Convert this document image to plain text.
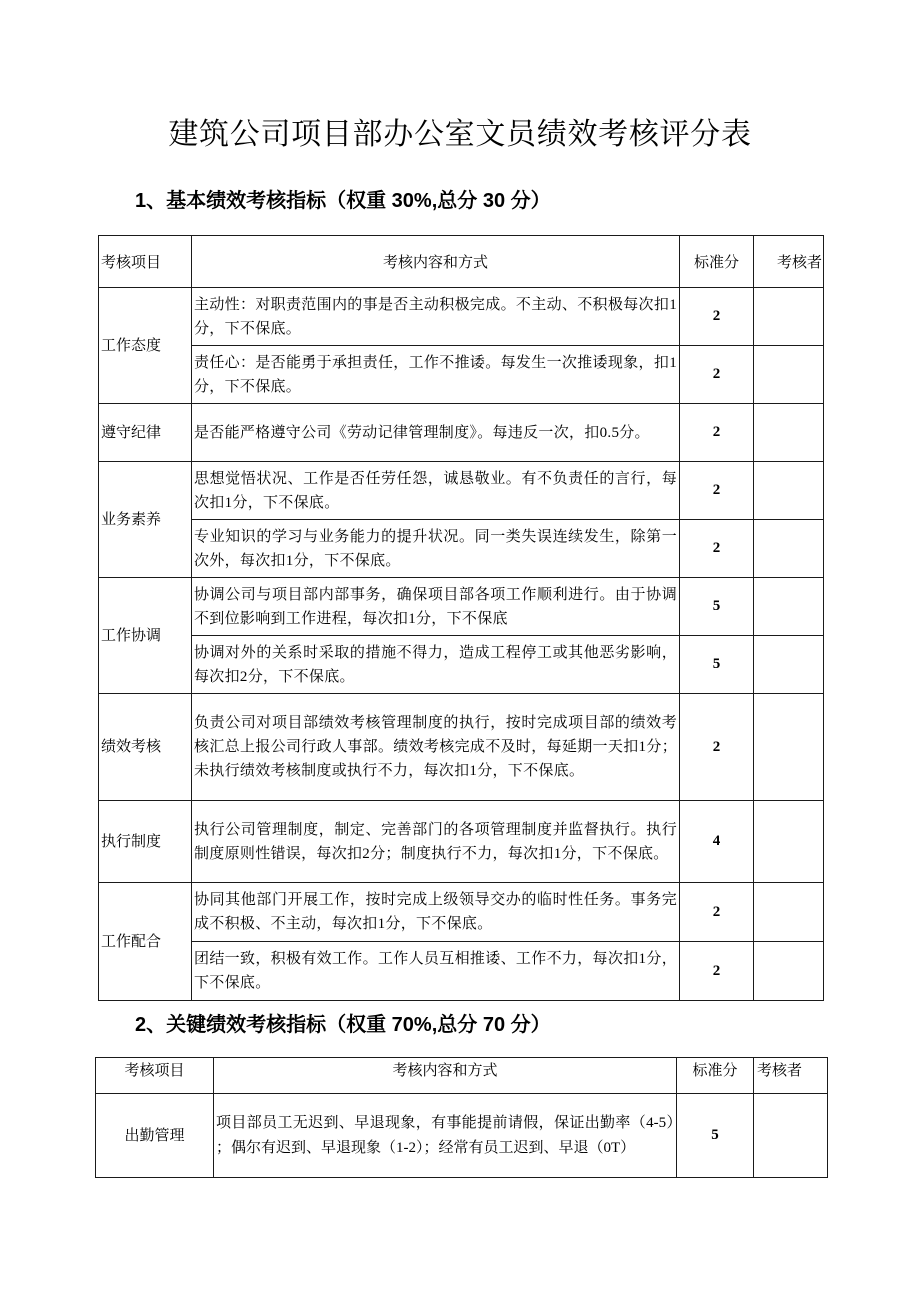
建筑公司项目部办公室文员绩效考核评分表
1、基本绩效考核指标（权重 30%,总分 30 分）
考核项目	考核内容和方式	标准分	考核者
工作态度	主动性：对职责范围内的事是否主动积极完成。不主动、不积极每次扣1分，下不保底。	2	
	责任心：是否能勇于承担责任，工作不推诿。每发生一次推诿现象，扣1分，下不保底。	2	
遵守纪律	是否能严格遵守公司《劳动记律管理制度》。每违反一次，扣0.5分。	2	
业务素养	思想觉悟状况、工作是否任劳任怨，诚恳敬业。有不负责任的言行，每次扣1分，下不保底。	2	
	专业知识的学习与业务能力的提升状况。同一类失误连续发生，除第一次外，每次扣1分，下不保底。	2	
工作协调	协调公司与项目部内部事务，确保项目部各项工作顺利进行。由于协调不到位影响到工作进程，每次扣1分，下不保底	5	
	协调对外的关系时采取的措施不得力，造成工程停工或其他恶劣影响，每次扣2分，下不保底。	5	
绩效考核	负责公司对项目部绩效考核管理制度的执行，按时完成项目部的绩效考核汇总上报公司行政人事部。绩效考核完成不及时，每延期一天扣1分；未执行绩效考核制度或执行不力，每次扣1分，下不保底。	2	
执行制度	执行公司管理制度，制定、完善部门的各项管理制度并监督执行。执行制度原则性错误，每次扣2分；制度执行不力，每次扣1分，下不保底。	4	
工作配合	协同其他部门开展工作，按时完成上级领导交办的临时性任务。事务完成不积极、不主动，每次扣1分，下不保底。	2	
	团结一致，积极有效工作。工作人员互相推诿、工作不力，每次扣1分，下不保底。	2	
2、关键绩效考核指标（权重 70%,总分 70 分）
考核项目	考核内容和方式	标准分	考核者
出勤管理	项目部员工无迟到、早退现象，有事能提前请假，保证出勤率（4-5）；偶尔有迟到、早退现象（1-2）；经常有员工迟到、早退（0T）	5	
